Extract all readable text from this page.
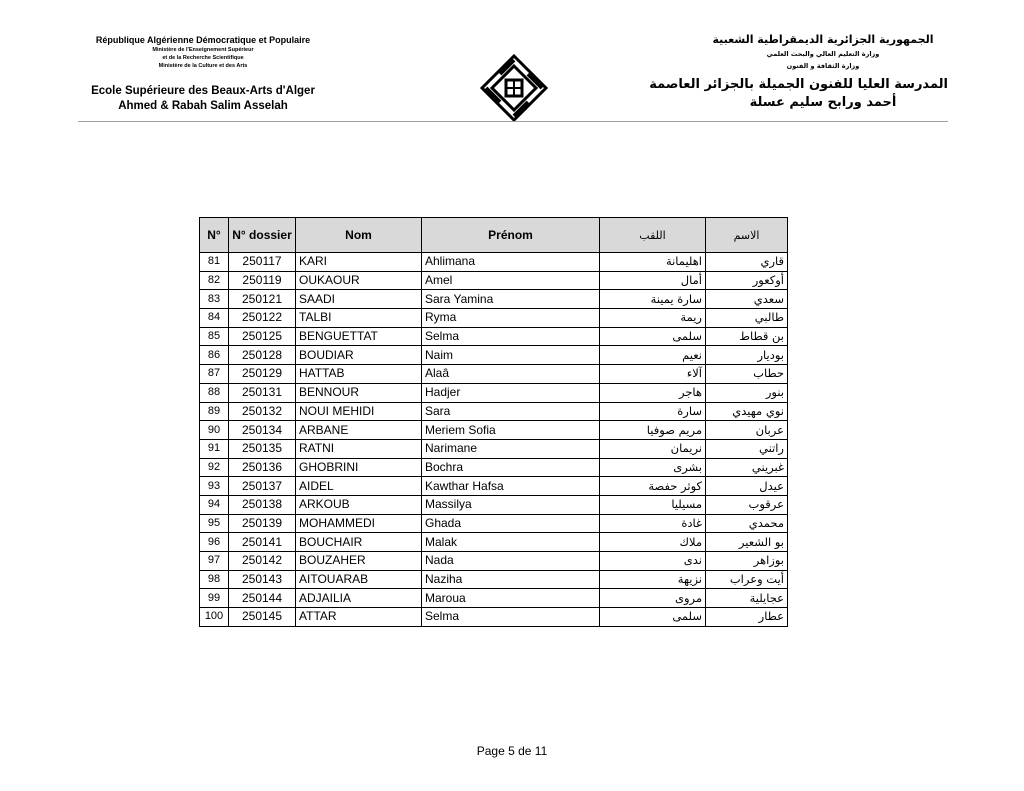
République Algérienne Démocratique et Populaire
Ministère de l'Enseignement Supérieur
et de la Recherche Scientifique
Ministère de la Culture et des Arts
Ecole Supérieure des Beaux-Arts d'Alger
Ahmed & Rabah Salim Asselah
الجمهورية الجزائرية الديمقراطية الشعبية
وزارة التعليم العالي والبحث العلمي
وزارة الثقافة و الفنون
المدرسة العليا للفنون الجميلة بالجزائر العاصمة
أحمد ورابح سليم عسلة
N°	N° dossier	Nom	Prénom	اللقب	الاسم
81	250117	KARI	Ahlimana	اهليمانة	قاري
82	250119	OUKAOUR	Amel	أمال	أوكعور
83	250121	SAADI	Sara Yamina	سارة يمينة	سعدي
84	250122	TALBI	Ryma	ريمة	طالبي
85	250125	BENGUETTAT	Selma	سلمى	بن قطاط
86	250128	BOUDIAR	Naim	نعيم	بوديار
87	250129	HATTAB	Alaâ	آلاء	حطاب
88	250131	BENNOUR	Hadjer	هاجر	بنور
89	250132	NOUI MEHIDI	Sara	سارة	نوي مهيدي
90	250134	ARBANE	Meriem Sofia	مريم صوفيا	عربان
91	250135	RATNI	Narimane	نريمان	راتني
92	250136	GHOBRINI	Bochra	بشرى	غبريني
93	250137	AIDEL	Kawthar Hafsa	كوثر حفصة	عيدل
94	250138	ARKOUB	Massilya	مسيليا	عرقوب
95	250139	MOHAMMEDI	Ghada	غادة	محمدي
96	250141	BOUCHAIR	Malak	ملاك	بو الشعير
97	250142	BOUZAHER	Nada	ندى	بوزاهر
98	250143	AITOUARAB	Naziha	نزيهة	أيت وعراب
99	250144	ADJAILIA	Maroua	مروى	عجايلية
100	250145	ATTAR	Selma	سلمى	عطار
Page 5 de 11
